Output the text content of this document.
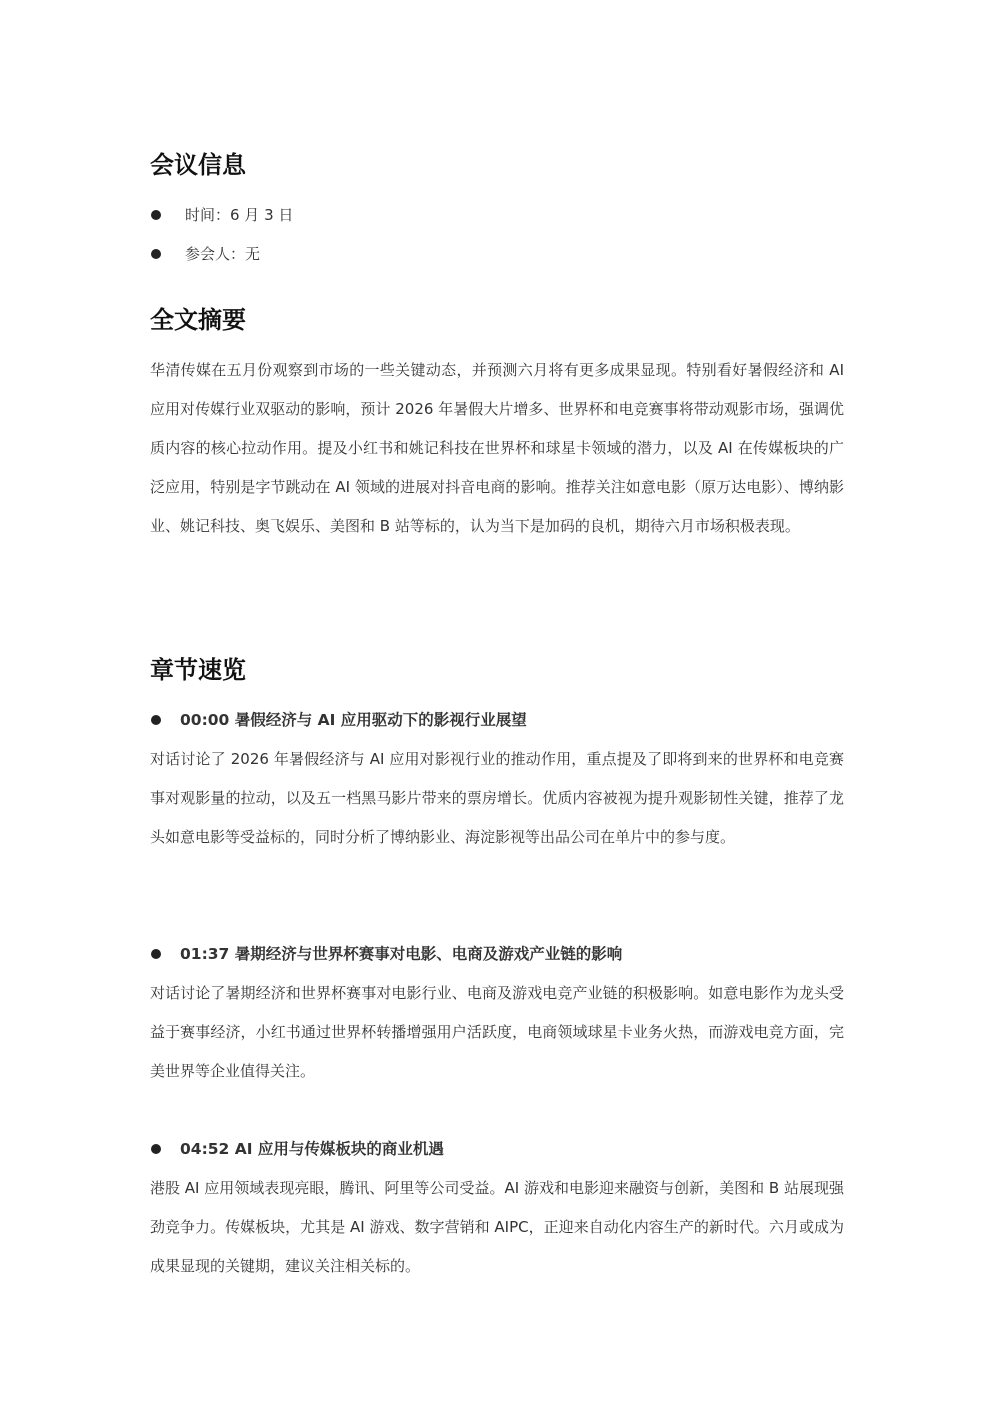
会议信息
时间：6 月 3 日
参会人：无
全文摘要

华清传媒在五月份观察到市场的一些关键动态，并预测六月将有更多成果显现。特别看好暑假经济和 AI 应用对传媒行业双驱动的影响，预计 2026 年暑假大片增多、世界杯和电竞赛事将带动观影市场，强调优质内容的核心拉动作用。提及小红书和姚记科技在世界杯和球星卡领域的潜力，以及 AI 在传媒板块的广泛应用，特别是字节跳动在 AI 领域的进展对抖音电商的影响。推荐关注如意电影（原万达电影）、博纳影业、姚记科技、奥飞娱乐、美图和 B 站等标的，认为当下是加码的良机，期待六月市场积极表现。

章节速览
00:00 暑假经济与 AI 应用驱动下的影视行业展望

对话讨论了 2026 年暑假经济与 AI 应用对影视行业的推动作用，重点提及了即将到来的世界杯和电竞赛事对观影量的拉动，以及五一档黑马影片带来的票房增长。优质内容被视为提升观影韧性关键，推荐了龙头如意电影等受益标的，同时分析了博纳影业、海淀影视等出品公司在单片中的参与度。

01:37 暑期经济与世界杯赛事对电影、电商及游戏产业链的影响

对话讨论了暑期经济和世界杯赛事对电影行业、电商及游戏电竞产业链的积极影响。如意电影作为龙头受益于赛事经济，小红书通过世界杯转播增强用户活跃度，电商领域球星卡业务火热，而游戏电竞方面，完美世界等企业值得关注。

04:52 AI 应用与传媒板块的商业机遇

港股 AI 应用领域表现亮眼，腾讯、阿里等公司受益。AI 游戏和电影迎来融资与创新，美图和 B 站展现强劲竞争力。传媒板块，尤其是 AI 游戏、数字营销和 AIPC，正迎来自动化内容生产的新时代。六月或成为成果显现的关键期，建议关注相关标的。
